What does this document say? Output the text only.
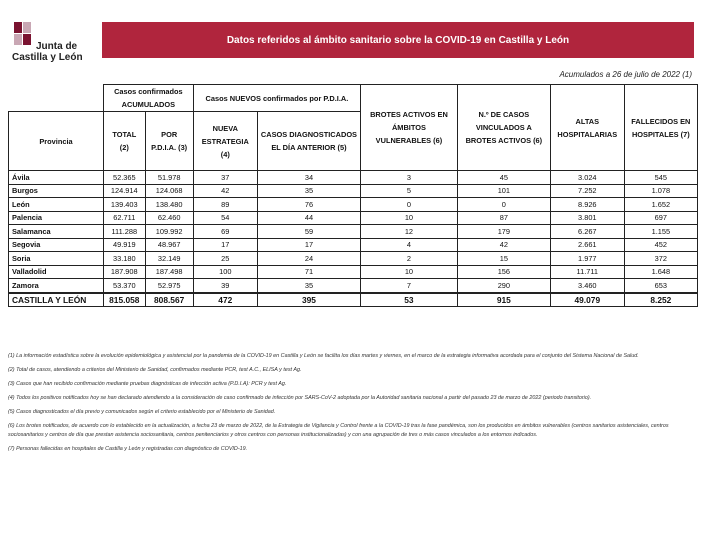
Junta de
Castilla y León
Datos referidos al ámbito sanitario sobre la COVID-19 en Castilla y León
Acumulados a 26 de julio de 2022 (1)
	Casos confirmados ACUMULADOS		Casos NUEVOS confirmados por P.D.I.A.		BROTES ACTIVOS EN ÁMBITOS VULNERABLES (6)	N.º DE CASOS VINCULADOS A BROTES ACTIVOS (6)	ALTAS HOSPITALARIAS	FALLECIDOS EN HOSPITALES (7)
Provincia	TOTAL (2)	POR P.D.I.A. (3)	NUEVA ESTRATEGIA (4)	CASOS DIAGNOSTICADOS EL DÍA ANTERIOR (5)				
Ávila	52.365	51.978	37	34	3	45	3.024	545
Burgos	124.914	124.068	42	35	5	101	7.252	1.078
León	139.403	138.480	89	76	0	0	8.926	1.652
Palencia	62.711	62.460	54	44	10	87	3.801	697
Salamanca	111.288	109.992	69	59	12	179	6.267	1.155
Segovia	49.919	48.967	17	17	4	42	2.661	452
Soria	33.180	32.149	25	24	2	15	1.977	372
Valladolid	187.908	187.498	100	71	10	156	11.711	1.648
Zamora	53.370	52.975	39	35	7	290	3.460	653
CASTILLA Y LEÓN	815.058	808.567	472	395	53	915	49.079	8.252

(1) La información estadística sobre la evolución epidemiológica y asistencial por la pandemia de la COVID-19 en Castilla y León se facilita los días martes y viernes, en el marco de la estrategia informativa acordada para el conjunto del Sistema Nacional de Salud.

(2) Total de casos, atendiendo a criterios del Ministerio de Sanidad, confirmados mediante PCR, test A.C., ELISA y test Ag.

(3) Casos que han recibido confirmación mediante pruebas diagnósticas de infección activa (P.D.I.A): PCR y test Ag.

(4) Todos los positivos notificados hoy se han declarado atendiendo a la consideración de caso confirmado de infección por SARS-CoV-2 adoptada por la Autoridad sanitaria nacional a partir del pasado 23 de marzo de 2022 (periodo transitorio).

(5) Casos diagnosticados el día previo y comunicados según el criterio establecido por el Ministerio de Sanidad.

(6) Los brotes notificados, de acuerdo con lo establecido en la actualización, a fecha 23 de marzo de 2022, de la Estrategia de Vigilancia y Control frente a la COVID-19 tras la fase pandémica, son los producidos en ámbitos vulnerables (centros sanitarios asistenciales, centros sociosanitarios y centros de día que prestan asistencia sociosanitaria, centros penitenciarios y otros centros con personas institucionalizadas) y con una agrupación de tres o más casos vinculados a los entornos indicados.

(7) Personas fallecidas en hospitales de Castilla y León y registradas con diagnóstico de COVID-19.
